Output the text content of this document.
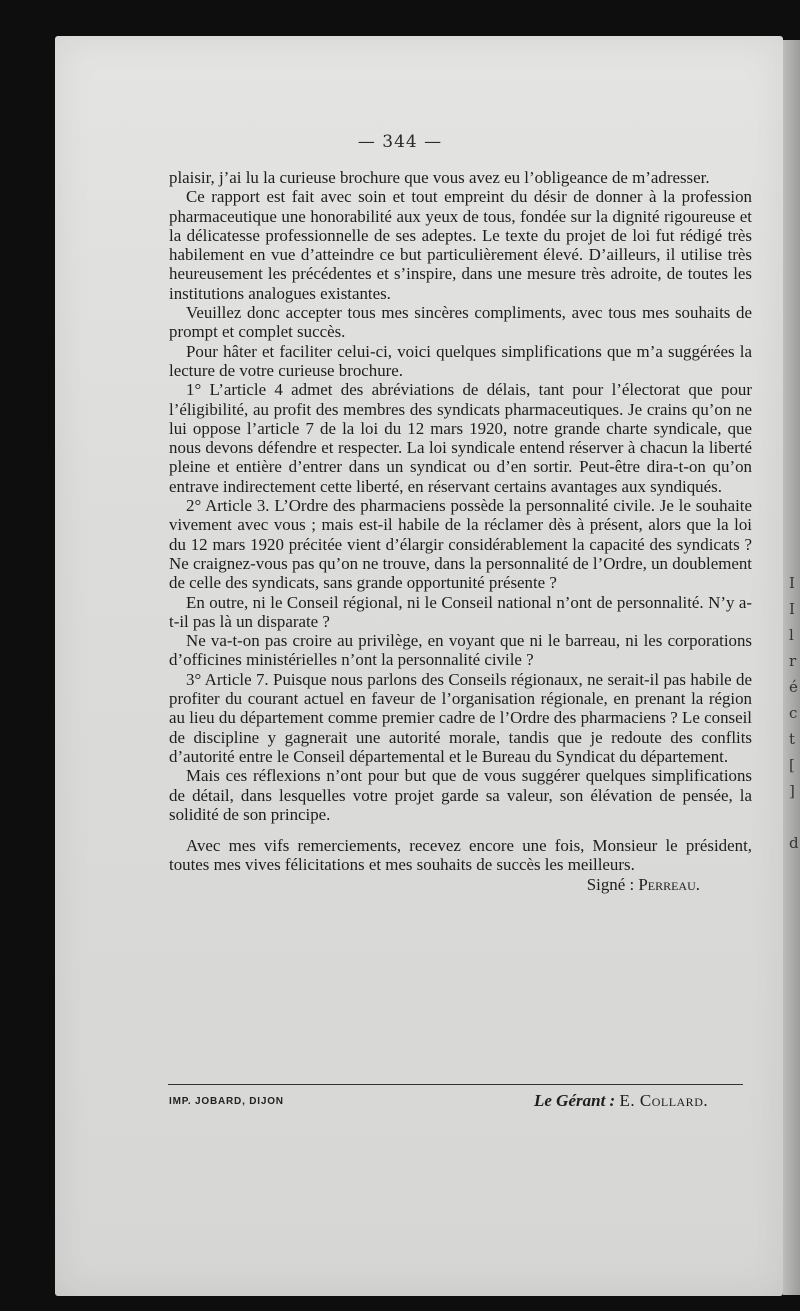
I
I
l
r
é
c
t
[
]

d
— 344 —

plaisir, j’ai lu la curieuse brochure que vous avez eu l’obligeance de m’adresser.

Ce rapport est fait avec soin et tout empreint du désir de donner à la profession pharmaceutique une honorabilité aux yeux de tous, fondée sur la dignité rigoureuse et la délicatesse professionnelle de ses adeptes. Le texte du projet de loi fut rédigé très habilement en vue d’atteindre ce but particulièrement élevé. D’ailleurs, il utilise très heureusement les précédentes et s’inspire, dans une mesure très adroite, de toutes les institutions analogues existantes.

Veuillez donc accepter tous mes sincères compliments, avec tous mes souhaits de prompt et complet succès.

Pour hâter et faciliter celui-ci, voici quelques simplifications que m’a suggérées la lecture de votre curieuse brochure.

1° L’article 4 admet des abréviations de délais, tant pour l’électorat que pour l’éligibilité, au profit des membres des syndicats pharmaceutiques. Je crains qu’on ne lui oppose l’article 7 de la loi du 12 mars 1920, notre grande charte syndicale, que nous devons défendre et respecter. La loi syndicale entend réserver à chacun la liberté pleine et entière d’entrer dans un syndicat ou d’en sortir. Peut-être dira-t-on qu’on entrave indirectement cette liberté, en réservant certains avantages aux syndiqués.

2° Article 3. L’Ordre des pharmaciens possède la personnalité civile. Je le souhaite vivement avec vous ; mais est-il habile de la réclamer dès à présent, alors que la loi du 12 mars 1920 précitée vient d’élargir considérablement la capacité des syndicats ? Ne craignez-vous pas qu’on ne trouve, dans la personnalité de l’Ordre, un doublement de celle des syndicats, sans grande opportunité présente ?

En outre, ni le Conseil régional, ni le Conseil national n’ont de personnalité. N’y a-t-il pas là un disparate ?

Ne va-t-on pas croire au privilège, en voyant que ni le barreau, ni les corporations d’officines ministérielles n’ont la personnalité civile ?

3° Article 7. Puisque nous parlons des Conseils régionaux, ne serait-il pas habile de profiter du courant actuel en faveur de l’organisation régionale, en prenant la région au lieu du département comme premier cadre de l’Ordre des pharmaciens ? Le conseil de discipline y gagnerait une autorité morale, tandis que je redoute des conflits d’autorité entre le Conseil départemental et le Bureau du Syndicat du département.

Mais ces réflexions n’ont pour but que de vous suggérer quelques simplifications de détail, dans lesquelles votre projet garde sa valeur, son élévation de pensée, la solidité de son principe.

Avec mes vifs remerciements, recevez encore une fois, Monsieur le président, toutes mes vives félicitations et mes souhaits de succès les meilleurs.

Signé : Perreau.

IMP. JOBARD, DIJON	Le Gérant : E. Collard.
